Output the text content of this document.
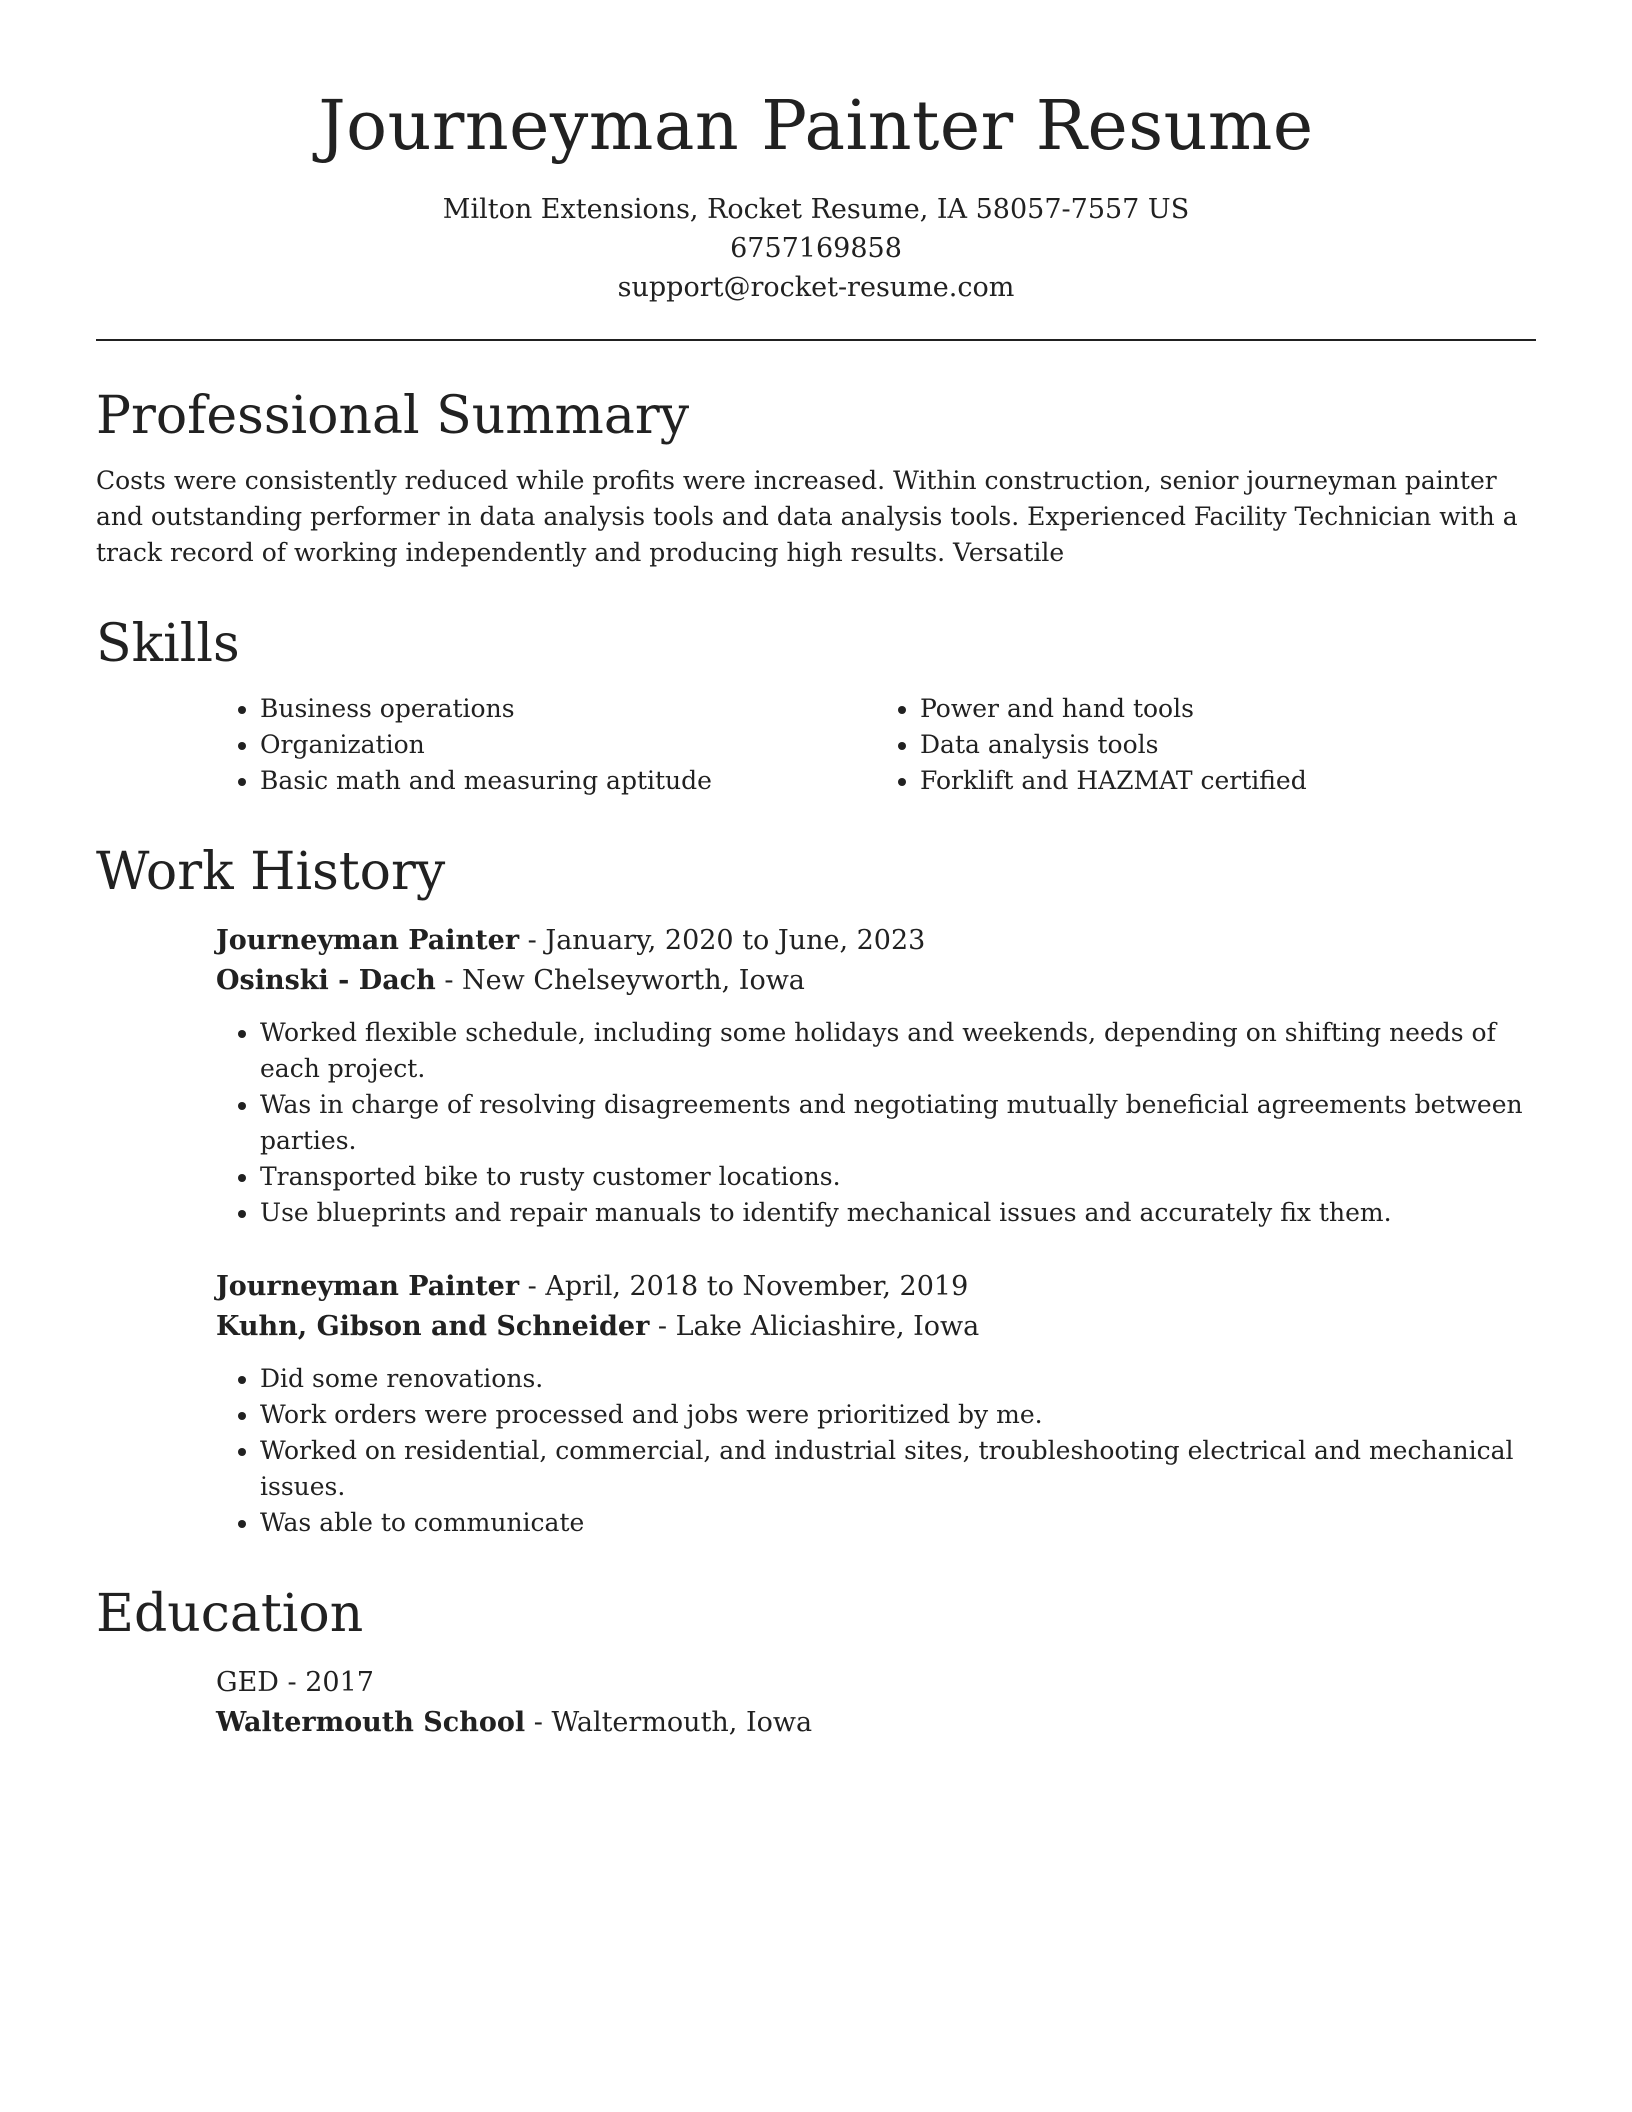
Journeyman Painter Resume
Milton Extensions, Rocket Resume, IA 58057-7557 US
6757169858
support@rocket-resume.com
Professional Summary

Costs were consistently reduced while profits were increased. Within construction, senior journeyman painter and outstanding performer in data analysis tools and data analysis tools. Experienced Facility Technician with a track record of working independently and producing high results. Versatile

Skills
• Business operations
• Organization
• Basic math and measuring aptitude
• Power and hand tools
• Data analysis tools
• Forklift and HAZMAT certified
Work History
Journeyman Painter - January, 2020 to June, 2023
Osinski - Dach - New Chelseyworth, Iowa
• Worked flexible schedule, including some holidays and weekends, depending on shifting needs of each project.
• Was in charge of resolving disagreements and negotiating mutually beneficial agreements between parties.
• Transported bike to rusty customer locations.
• Use blueprints and repair manuals to identify mechanical issues and accurately fix them.
Journeyman Painter - April, 2018 to November, 2019
Kuhn, Gibson and Schneider - Lake Aliciashire, Iowa
• Did some renovations.
• Work orders were processed and jobs were prioritized by me.
• Worked on residential, commercial, and industrial sites, troubleshooting electrical and mechanical issues.
• Was able to communicate
Education
GED - 2017
Waltermouth School - Waltermouth, Iowa
